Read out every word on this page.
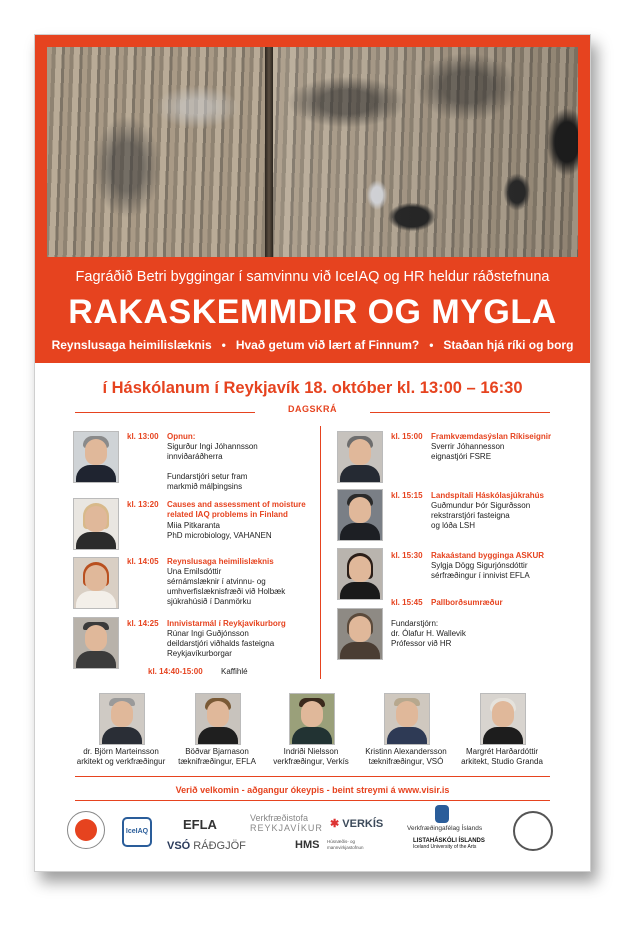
Fagráðið Betri byggingar í samvinnu við IceIAQ og HR heldur ráðstefnuna
RAKASKEMMDIR OG MYGLA
Reynslusaga heimilislæknis • Hvað getum við lært af Finnum? • Staðan hjá ríki og borg
í Háskólanum í Reykjavík 18. október kl. 13:00 – 16:30
DAGSKRÁ
kl. 13:00 Opnun:
Sigurður Ingi Jóhannsson
innviðaráðherra
Fundarstjóri setur fram
markmið málþingsins
kl. 13:20 Causes and assessment of moisture related IAQ problems in Finland
Miia Pitkaranta
PhD microbiology, VAHANEN
kl. 14:05 Reynslusaga heimilislæknis
Una Emilsdóttir
sérnámslæknir í atvinnu- og
umhverfislæknisfræði við Holbæk
sjúkrahúsið í Danmörku
kl. 14:25 Innivistarmál í Reykjavíkurborg
Rúnar Ingi Guðjónsson
deildarstjóri viðhalds fasteigna
Reykjavíkurborgar
kl. 14:40-15:00 Kaffihlé
kl. 15:00 Framkvæmdasýslan Ríkiseignir
Sverrir Jóhannesson
eignastjóri FSRE
kl. 15:15 Landspítali Háskólasjúkrahús
Guðmundur Þór Sigurðsson
rekstrarstjóri fasteigna
og lóða LSH
kl. 15:30 Rakaástand bygginga ASKUR
Sylgja Dögg Sigurjónsdóttir
sérfræðingur í innivist EFLA
kl. 15:45 Pallborðsumræður
Fundarstjórn:
dr. Ólafur H. Wallevik
Prófessor við HR
dr. Björn Marteinsson
arkitekt og verkfræðingur
Böðvar Bjarnason
tæknifræðingur, EFLA
Indriði Nielsson
verkfræðingur, Verkís
Kristinn Alexandersson
tæknifræðingur, VSÓ
Margrét Harðardóttir
arkitekt, Studio Granda
Verið velkomin - aðgangur ókeypis - beint streymi á www.visir.is
IceIAQ	EFLA	Verkfræðistofa
REYKJAVÍKUR ✱ VERKÍS	Verkfræðingafélag Íslands
VSÓ RÁÐGJÖF	HMS Húsnæðis- og mannvirkjastofnun
LISTAHÁSKÓLI ÍSLANDS
Iceland University of the Arts
